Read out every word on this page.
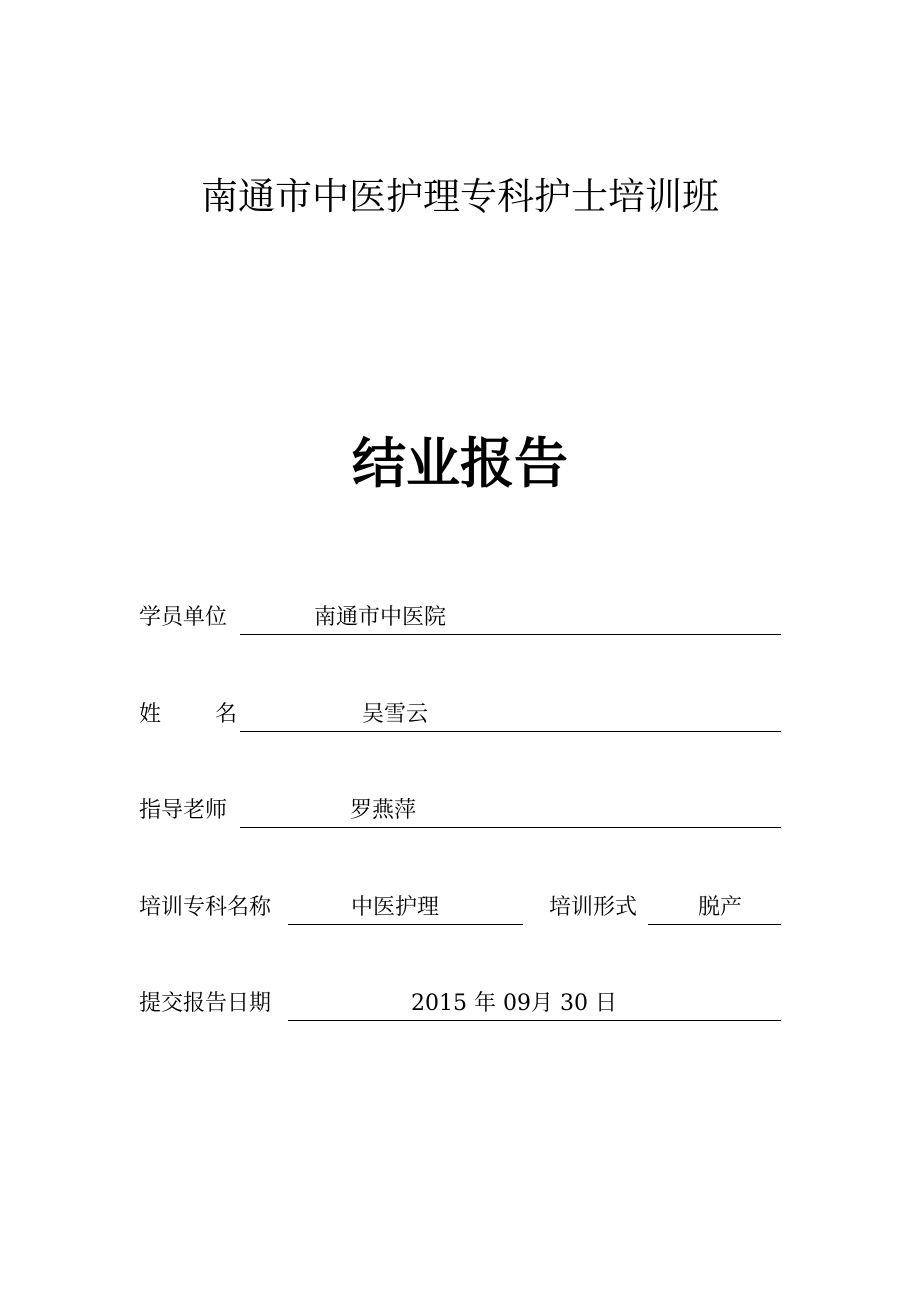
南通市中医护理专科护士培训班
结业报告
学员单位	南通市中医院
姓 名	吴雪云
指导老师	罗燕萍
培训专科名称	中医护理	培训形式	脱产
提交报告日期	2015 年 09月 30 日
